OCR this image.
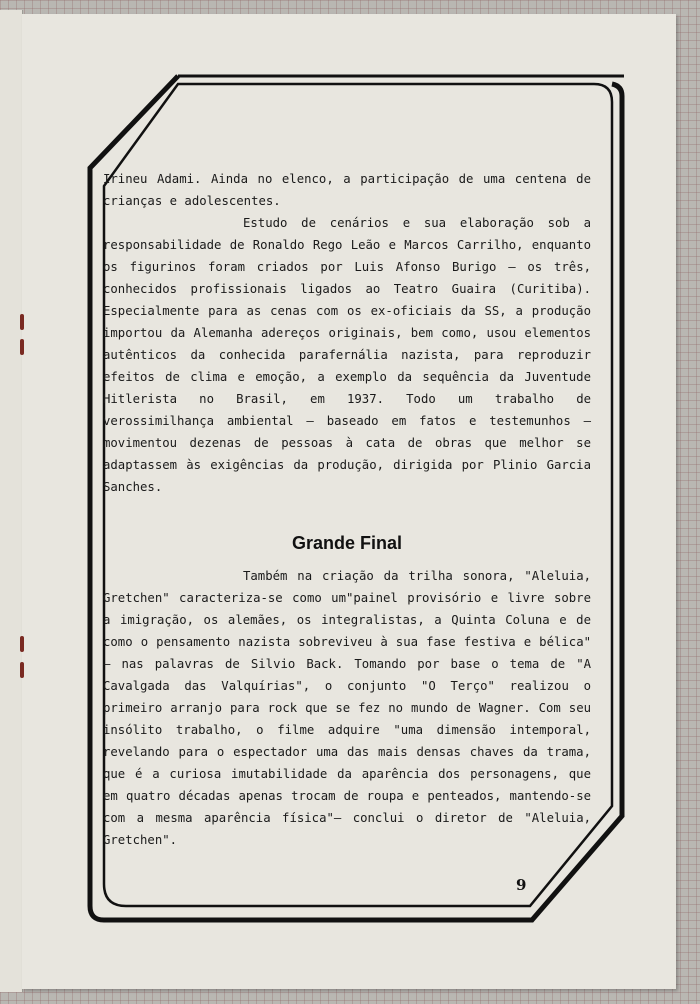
Irineu Adami. Ainda no elenco, a participação de uma centena de crianças e adolescentes.

Estudo de cenários e sua elaboração sob a responsabilidade de Ronaldo Rego Leão e Marcos Carrilho, enquanto os figurinos foram criados por Luis Afonso Burigo — os três, conhecidos profissionais ligados ao Teatro Guaira (Curitiba). Especialmente para as cenas com os ex-oficiais da SS, a produção importou da Alemanha adereços originais, bem como, usou elementos autênticos da conhecida parafernália nazista, para reproduzir efeitos de clima e emoção, a exemplo da sequência da Juventude Hitlerista no Brasil, em 1937. Todo um trabalho de verossimilhança ambiental — baseado em fatos e testemunhos — movimentou dezenas de pessoas à cata de obras que melhor se adaptassem às exigências da produção, dirigida por Plinio Garcia Sanches.

Grande Final

Também na criação da trilha sonora, "Aleluia, Gretchen" caracteriza-se como um"painel provisório e livre sobre a imigração, os alemães, os integralistas, a Quinta Coluna e de como o pensamento nazista sobreviveu à sua fase festiva e bélica" — nas palavras de Silvio Back. Tomando por base o tema de "A Cavalgada das Valquírias", o conjunto "O Terço" realizou o primeiro arranjo para rock que se fez no mundo de Wagner. Com seu insólito trabalho, o filme adquire "uma dimensão intemporal, revelando para o espectador uma das mais densas chaves da trama, que é a curiosa imutabilidade da aparência dos personagens, que em quatro décadas apenas trocam de roupa e penteados, mantendo-se com a mesma aparência física"— conclui o diretor de "Aleluia, Gretchen".

9
